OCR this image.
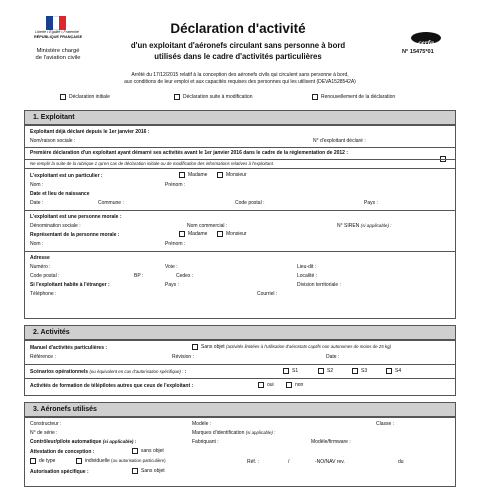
Liberté • Égalité • Fraternité
RÉPUBLIQUE FRANÇAISE
Ministère chargé
de l'aviation civile
Déclaration d'activité
d'un exploitant d'aéronefs circulant sans personne à bord
utilisés dans le cadre d'activités particulières
cerfa
N° 15475*01
Arrêté du 17/12/2015 relatif à la conception des aéronefs civils qui circulent sans personne à bord,
aux conditions de leur emploi et aux capacités requises des personnes qui les utilisent (DEVA1528542A)
Déclaration initiale	Déclaration suite à modification	Renouvellement de la déclaration
1. Exploitant
Exploitant déjà déclaré depuis le 1er janvier 2016 :
Nom/raison sociale :	N° d'exploitant déclaré :
Première déclaration d'un exploitant ayant démarré ses activités avant le 1er janvier 2016 dans le cadre de la réglementation de 2012 :
Ne remplir la suite de la rubrique 1 qu'en cas de déclaration initiale ou de modification des informations relatives à l'exploitant.
L'exploitant est un particulier :	Madame	Monsieur
Nom :	Prénom :
Date et lieu de naissance
Date :	Commune :	Code postal :	Pays :
L'exploitant est une personne morale :
Dénomination sociale :	Nom commercial :	N° SIREN (si applicable) :
Représentant de la personne morale :	Madame	Monsieur
Nom :	Prénom :
Adresse
Numéro :	Voie :	Lieu-dit :
Code postal :	BP :	Cedex :	Localité :
Si l'exploitant habite à l'étranger :	Pays :	Division territoriale :
Téléphone :	Courriel :
2. Activités
Manuel d'activités particulières :	Sans objet
(activités limitées à l'utilisation d'aérostats captifs non autonomes de moins de 25 kg)
Référence :	Révision :	Date :
Scénarios opérationnels (ou équivalent en cas d'autorisation spécifique) : :	S1	S2	S3	S4
Activités de formation de télépilotes autres que ceux de l'exploitant :	oui	non
3. Aéronefs utilisés
Constructeur :	Modèle :	Classe :
N° de série :	Marques d'identification (si applicable) :
Contrôleur/pilote automatique (si applicable) :	Fabriquant :	Modèle/firmware :
Attestation de conception :	sans objet
de type	individuelle
(ou autorisation particulière)	Réf. :	/	-NO/NAV rev.	du
Autorisation spécifique :	Sans objet
